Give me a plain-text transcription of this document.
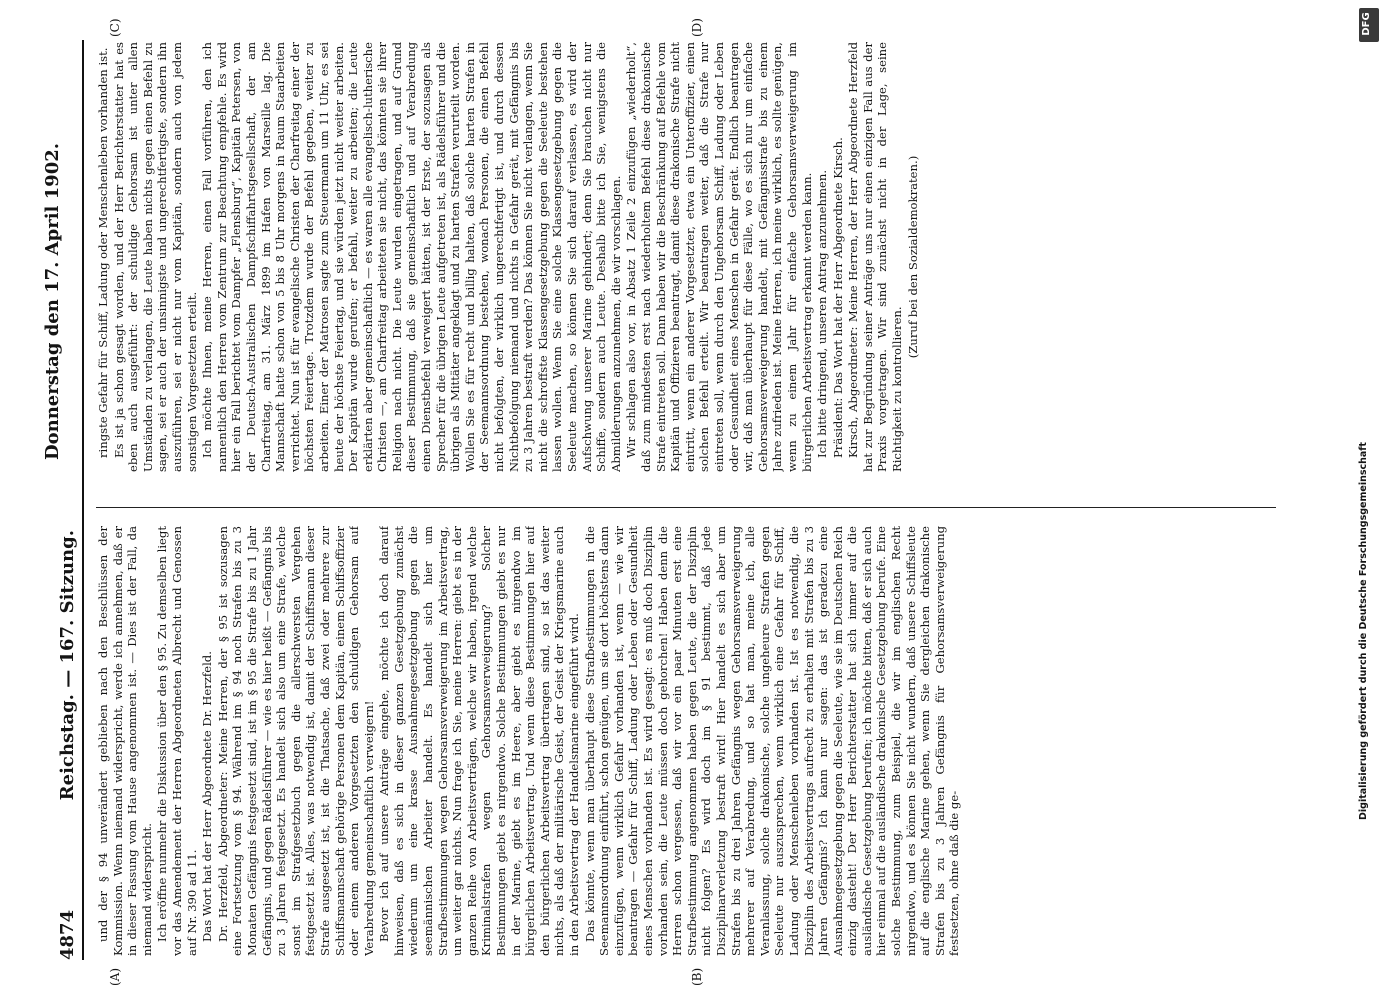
4874
Reichstag. — 167. Sitzung.
Donnerstag den 17. April 1902.
(A)	(B)
(C)	(D)

und der § 94 unverändert geblieben nach den Beschlüssen der Kommission. Wenn niemand widerspricht, werde ich annehmen, daß er in dieser Fassung vom Hause angenommen ist. — Dies ist der Fall, da niemand widerspricht. Ich eröffne nunmehr die Diskussion über den § 95. Zu demselben liegt vor das Amendement der Herren Abgeordneten Albrecht und Genossen auf Nr. 390 ad 11. Das Wort hat der Herr Abgeordnete Dr. Herzfeld. Dr. Herzfeld, Abgeordneter: Meine Herren, der § 95 ist sozusagen eine Fortsetzung vom § 94. Während im § 94 noch Strafen bis zu 3 Monaten Gefängnis festgesetzt sind, ist im § 95 die Strafe bis zu 1 Jahr Gefängnis, und gegen Rädelsführer — wie es hier heißt — Gefängnis bis zu 3 Jahren festgesetzt. Es handelt sich also um eine Strafe, welche sonst im Strafgesetzbuch gegen die allerschwersten Vergehen festgesetzt ist. Alles, was notwendig ist, damit der Schiffsmann dieser Strafe ausgesetzt ist, ist die Thatsache, daß zwei oder mehrere zur Schiffsmannschaft gehörige Personen dem Kapitän, einem Schiffsoffizier oder einem anderen Vorgesetzten den schuldigen Gehorsam auf Verabredung gemeinschaftlich verweigern! Bevor ich auf unsere Anträge eingehe, möchte ich doch darauf hinweisen, daß es sich in dieser ganzen Gesetzgebung zunächst wiederum um eine krasse Ausnahmegesetzgebung gegen die seemännischen Arbeiter handelt. Es handelt sich hier um Strafbestimmungen wegen Gehorsamsverweigerung im Arbeitsvertrag, um weiter gar nichts. Nun frage ich Sie, meine Herren: giebt es in der ganzen Reihe von Arbeitsverträgen, welche wir haben, irgend welche Kriminalstrafen wegen Gehorsamsverweigerung? Solcher Bestimmungen giebt es nirgendwo. Solche Bestimmungen giebt es nur in der Marine, giebt es im Heere, aber giebt es nirgendwo im bürgerlichen Arbeitsvertrag. Und wenn diese Bestimmungen hier auf den bürgerlichen Arbeitsvertrag übertragen sind, so ist das weiter nichts, als daß der militärische Geist, der Geist der Kriegsmarine auch in den Arbeitsvertrag der Handelsmarine eingeführt wird. Das könnte, wenn man überhaupt diese Strafbestimmungen in die Seemannsordnung einführt, schon genügen, um sie dort höchstens dann einzufügen, wenn wirklich Gefahr vorhanden ist, wenn — wie wir beantragen — Gefahr für Schiff, Ladung oder Leben oder Gesundheit eines Menschen vorhanden ist. Es wird gesagt: es muß doch Disziplin vorhanden sein, die Leute müssen doch gehorchen! Haben denn die Herren schon vergessen, daß wir vor ein paar Minuten erst eine Strafbestimmung angenommen haben gegen Leute, die der Disziplin nicht folgen? Es wird doch im § 91 bestimmt, daß jede Disziplinarverletzung bestraft wird! Hier handelt es sich aber um Strafen bis zu drei Jahren Gefängnis wegen Gehorsamsverweigerung mehrerer auf Verabredung, und so hat man, meine ich, alle Veranlassung, solche drakonische, solche ungeheure Strafen gegen Seeleute nur auszusprechen, wenn wirklich eine Gefahr für Schiff, Ladung oder Menschenleben vorhanden ist. Ist es notwendig, die Disziplin des Arbeitsvertrags aufrecht zu erhalten mit Strafen bis zu 3 Jahren Gefängnis? Ich kann nur sagen: das ist geradezu eine Ausnahmegesetzgebung gegen die Seeleute, wie sie im Deutschen Reich einzig dasteht! Der Herr Berichterstatter hat sich immer auf die ausländische Gesetzgebung berufen; ich möchte bitten, daß er sich auch hier einmal auf die ausländische drakonische Gesetzgebung berufe. Eine solche Bestimmung, zum Beispiel, die wir im englischen Recht nirgendwo, und es können Sie nicht wundern, daß unsere Schiffsleute auf die englische Marine gehen, wenn Sie dergleichen drakonische Strafen bis zu 3 Jahren Gefängnis für Gehorsamsverweigerung festsetzen, ohne daß die ge-

ringste Gefahr für Schiff, Ladung oder Menschenleben vorhanden ist. Es ist ja schon gesagt worden, und der Herr Berichterstatter hat es eben auch ausgeführt: der schuldige Gehorsam ist unter allen Umständen zu verlangen, die Leute haben nichts gegen einen Befehl zu sagen, sei er auch der unsinnigste und ungerechtfertigste, sondern ihn auszuführen, sei er nicht nur vom Kapitän, sondern auch von jedem sonstigen Vorgesetzten erteilt. Ich möchte Ihnen, meine Herren, einen Fall vorführen, den ich namentlich den Herren vom Zentrum zur Beachtung empfehle. Es wird hier ein Fall berichtet vom Dampfer „Flensburg“, Kapitän Petersen, von der Deutsch-Australischen Dampfschiffahrtsgesellschaft, der am Charfreitag, am 31. März 1899 im Hafen von Marseille lag. Die Mannschaft hatte schon von 5 bis 8 Uhr morgens in Raum Staarbeiten verrichtet. Nun ist für evangelische Christen der Charfreitag einer der höchsten Feiertage. Trotzdem wurde der Befehl gegeben, weiter zu arbeiten. Einer der Matrosen sagte zum Steuermann um 11 Uhr, es sei heute der höchste Feiertag, und sie würden jetzt nicht weiter arbeiten. Der Kapitän wurde gerufen; er befahl, weiter zu arbeiten; die Leute erklärten aber gemeinschaftlich — es waren alle evangelisch-lutherische Christen —, am Charfreitag arbeiteten sie nicht, das könnten sie ihrer Religion nach nicht. Die Leute wurden eingetragen, und auf Grund dieser Bestimmung, daß sie gemeinschaftlich und auf Verabredung einen Dienstbefehl verweigert hätten, ist der Erste, der sozusagen als Sprecher für die übrigen Leute aufgetreten ist, als Rädelsführer und die übrigen als Mittäter angeklagt und zu harten Strafen verurteilt worden. Wollen Sie es für recht und billig halten, daß solche harten Strafen in der Seemannsordnung bestehen, wonach Personen, die einen Befehl nicht befolgten, der wirklich ungerechtfertigt ist, und durch dessen Nichtbefolgung niemand und nichts in Gefahr gerät, mit Gefängnis bis zu 3 Jahren bestraft werden? Das können Sie nicht verlangen, wenn Sie nicht die schroffste Klassengesetzgebung gegen die Seeleute bestehen lassen wollen. Wenn Sie eine solche Klassengesetzgebung gegen die Seeleute machen, so können Sie sich darauf verlassen, es wird der Aufschwung unserer Marine gehindert; denn Sie brauchen nicht nur Schiffe, sondern auch Leute. Deshalb bitte ich Sie, wenigstens die Abmilderungen anzunehmen, die wir vorschlagen. Wir schlagen also vor, in Absatz 1 Zeile 2 einzufügen „wiederholt“, daß zum mindesten erst nach wiederholtem Befehl diese drakonische Strafe eintreten soll. Dann haben wir die Beschränkung auf Befehle vom Kapitän und Offizieren beantragt, damit diese drakonische Strafe nicht eintritt, wenn ein anderer Vorgesetzter, etwa ein Unteroffizier, einen solchen Befehl erteilt. Wir beantragen weiter, daß die Strafe nur eintreten soll, wenn durch den Ungehorsam Schiff, Ladung oder Leben oder Gesundheit eines Menschen in Gefahr gerät. Endlich beantragen wir, daß man überhaupt für diese Fälle, wo es sich nur um einfache Gehorsamsverweigerung handelt, mit Gefängnisstrafe bis zu einem Jahre zufrieden ist. Meine Herren, ich meine wirklich, es sollte genügen, wenn zu einem Jahr für einfache Gehorsamsverweigerung im bürgerlichen Arbeitsvertrag erkannt werden kann. Ich bitte dringend, unseren Antrag anzunehmen. Präsident: Das Wort hat der Herr Abgeordnete Kirsch. Kirsch, Abgeordneter: Meine Herren, der Herr Abgeordnete Herzfeld hat zur Begründung seiner Anträge uns nur einen einzigen Fall aus der Praxis vorgetragen. Wir sind zunächst nicht in der Lage, seine Richtigkeit zu kontrollieren.

(Zuruf bei den Sozialdemokraten.)

DFG
Digitalisierung gefördert durch die Deutsche Forschungsgemeinschaft
